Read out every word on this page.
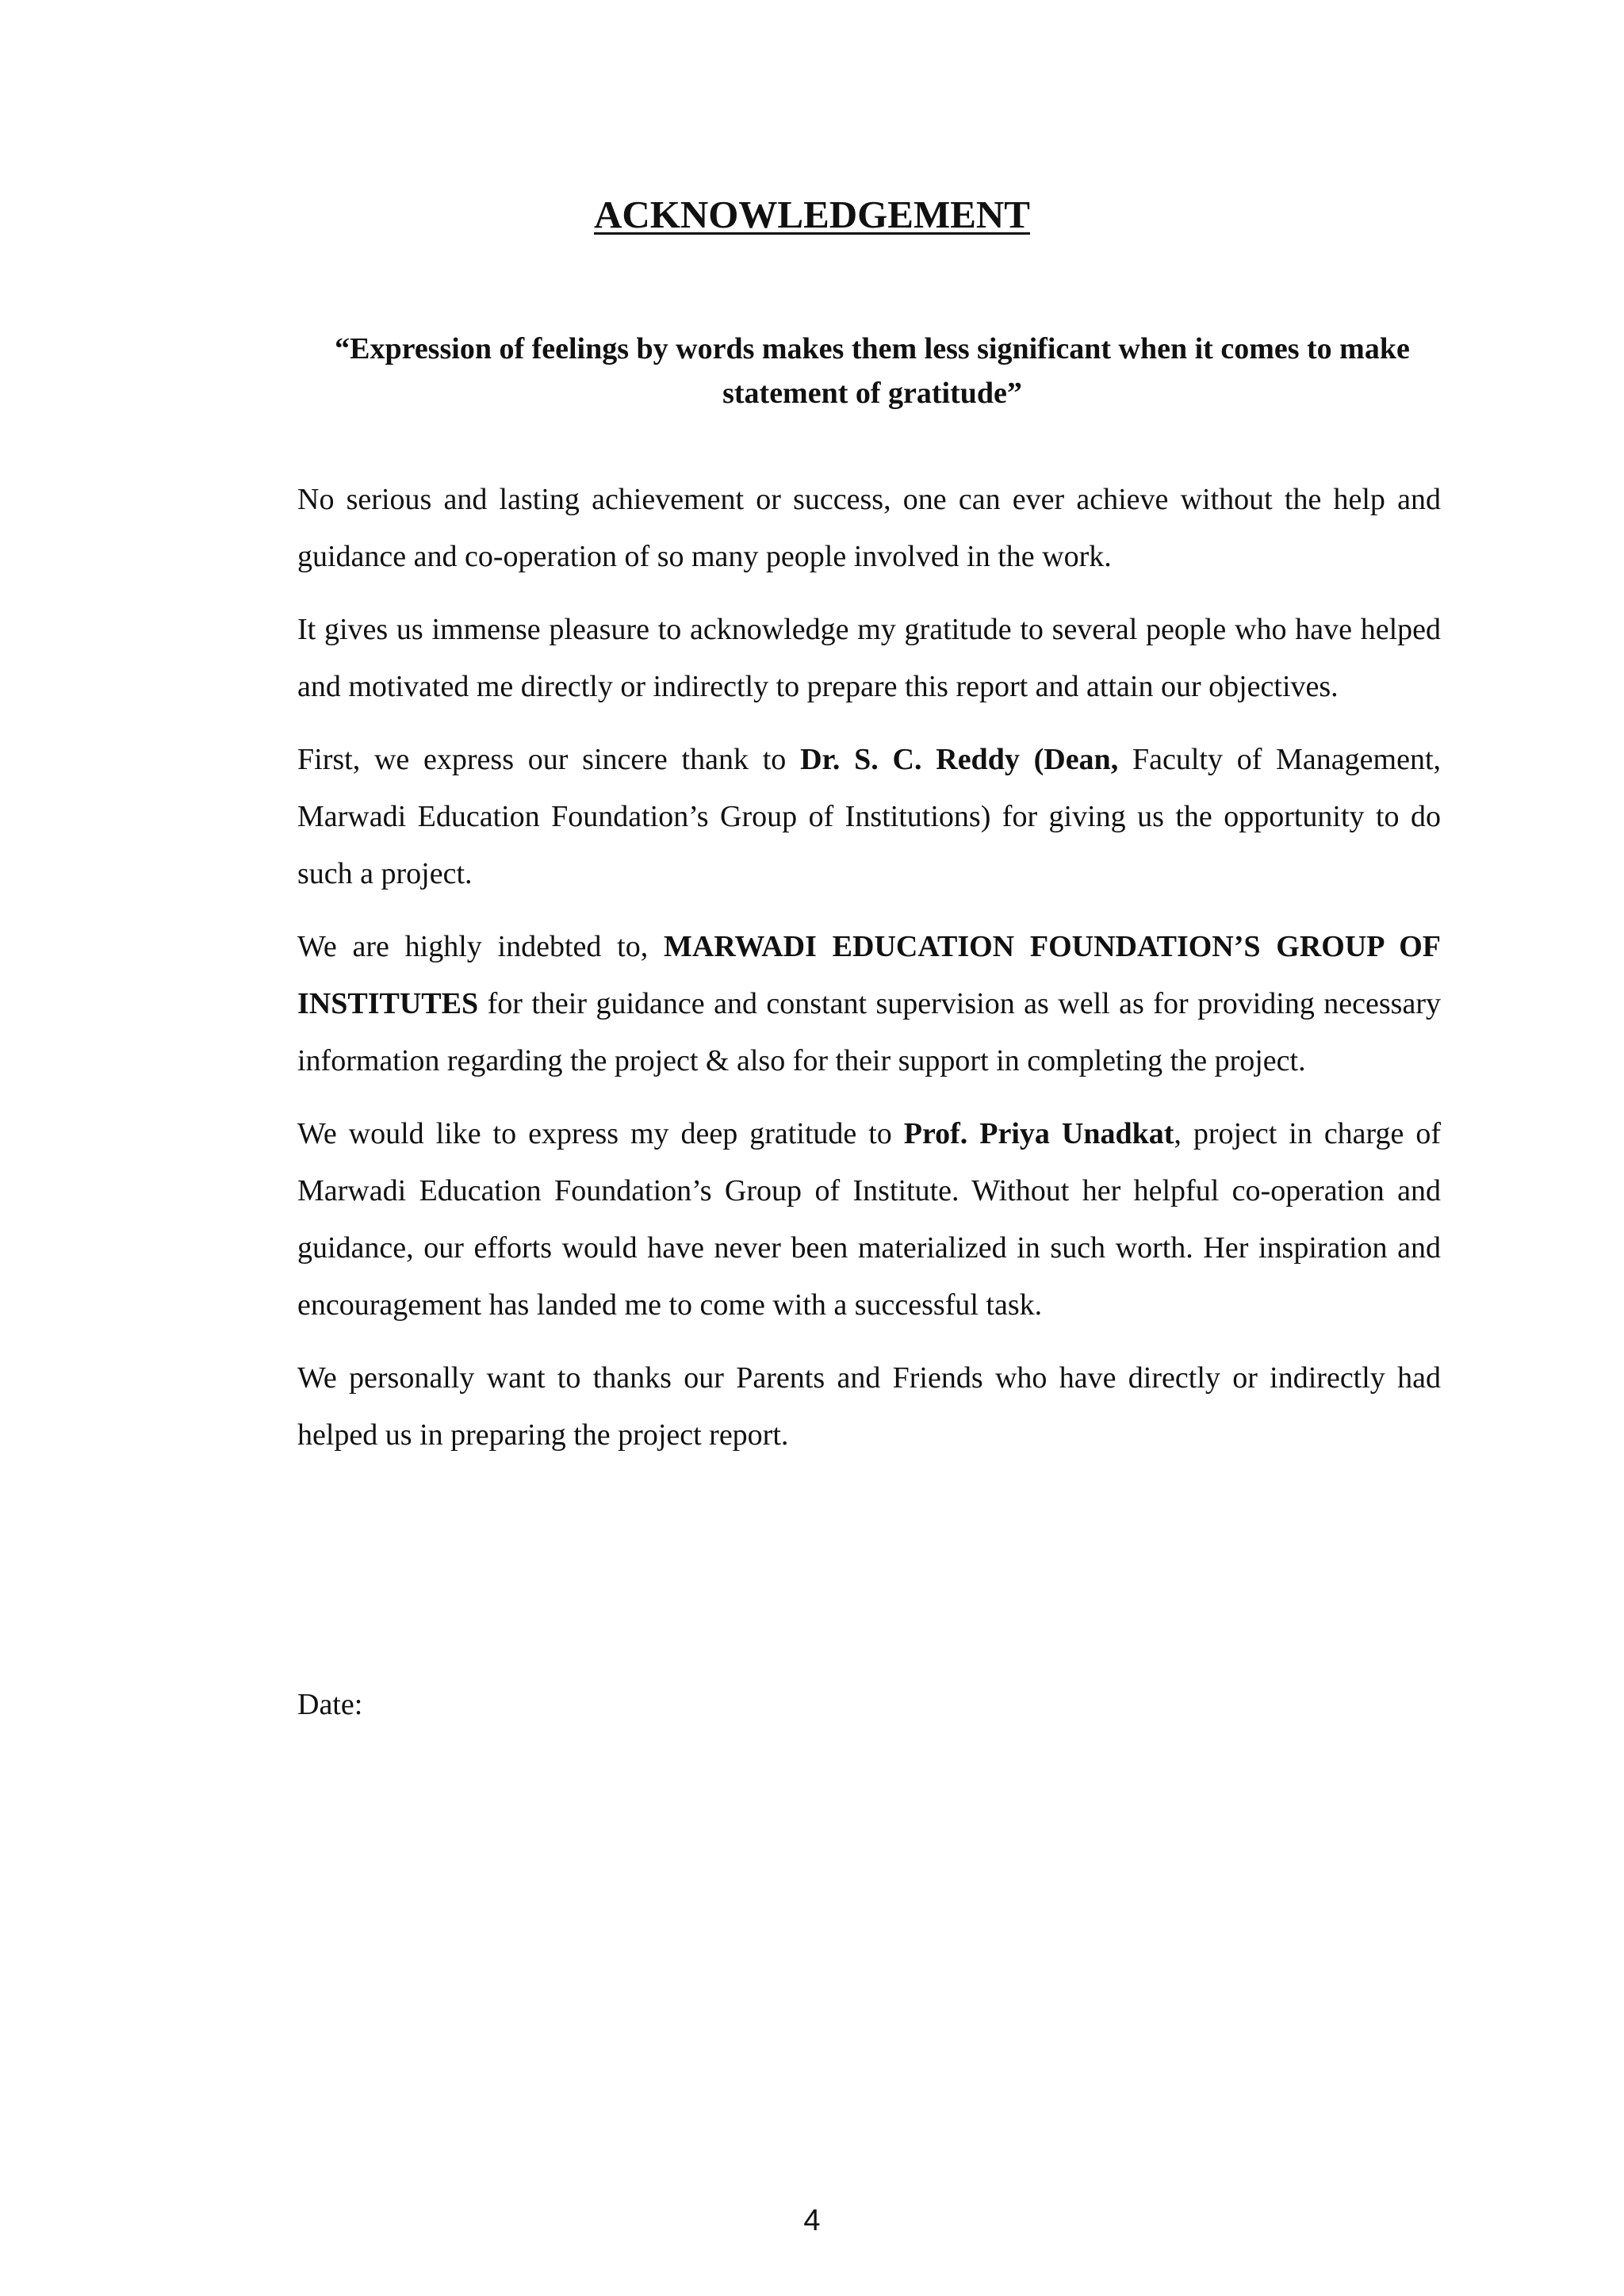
ACKNOWLEDGEMENT

“Expression of feelings by words makes them less significant when it comes to make statement of gratitude”

No serious and lasting achievement or success, one can ever achieve without the help and guidance and co-operation of so many people involved in the work.

It gives us immense pleasure to acknowledge my gratitude to several people who have helped and motivated me directly or indirectly to prepare this report and attain our objectives.

First, we express our sincere thank to Dr. S. C. Reddy (Dean, Faculty of Management, Marwadi Education Foundation’s Group of Institutions) for giving us the opportunity to do such a project.

We are highly indebted to, MARWADI EDUCATION FOUNDATION’S GROUP OF INSTITUTES for their guidance and constant supervision as well as for providing necessary information regarding the project & also for their support in completing the project.

We would like to express my deep gratitude to Prof. Priya Unadkat, project in charge of Marwadi Education Foundation’s Group of Institute. Without her helpful co-operation and guidance, our efforts would have never been materialized in such worth. Her inspiration and encouragement has landed me to come with a successful task.

We personally want to thanks our Parents and Friends who have directly or indirectly had helped us in preparing the project report.

Date:

4
